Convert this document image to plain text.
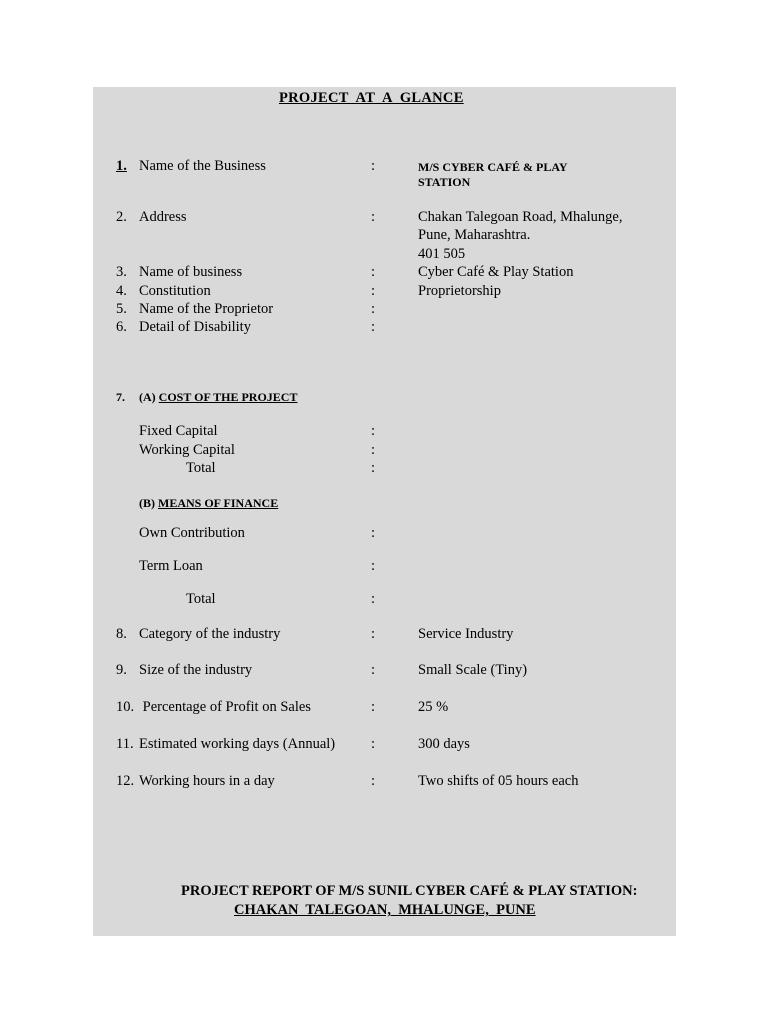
PROJECT  AT  A  GLANCE
1. Name of the Business	:	M/S CYBER CAFÉ & PLAY
STATION
2. Address	:	Chakan Talegoan Road, Mhalunge,
Pune, Maharashtra.
401 505
3. Name of business	:	Cyber Café & Play Station
4. Constitution	:	Proprietorship
5. Name of the Proprietor	:
6. Detail of Disability	:
7. (A) COST OF THE PROJECT
Fixed Capital	:
Working Capital	:
Total	:
(B) MEANS OF FINANCE
Own Contribution	:
Term Loan	:
Total	:
8. Category of the industry	:	Service Industry
9. Size of the industry	:	Small Scale (Tiny)
10. Percentage of Profit on Sales	:	25 %
11. Estimated working days (Annual) :	300 days
12. Working hours in a day	:	Two shifts of 05 hours each
PROJECT REPORT OF M/S SUNIL CYBER CAFÉ & PLAY STATION:
CHAKAN  TALEGOAN,  MHALUNGE,  PUNE
